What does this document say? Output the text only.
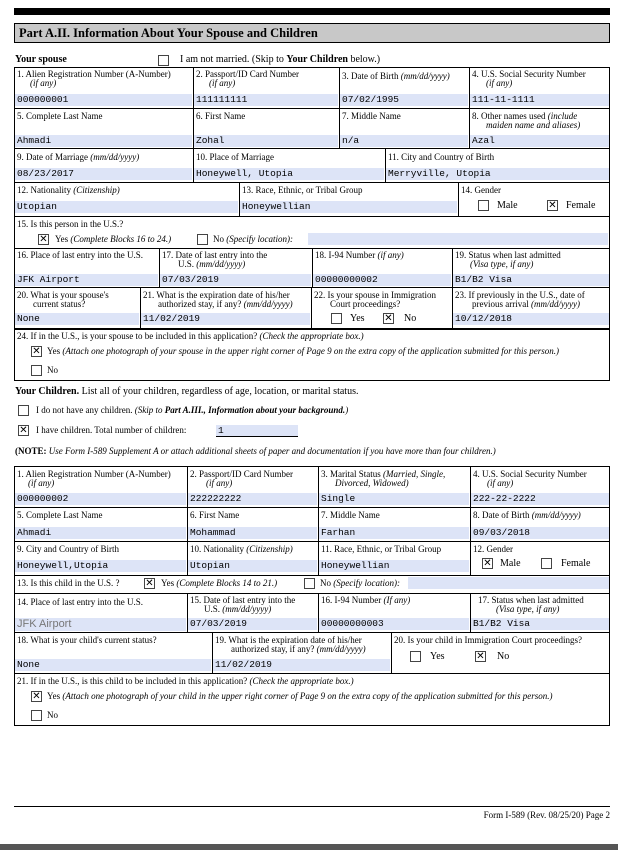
Part A.II. Information About Your Spouse and Children
Your spouse	I am not married. (Skip to Your Children below.)
1. Alien Registration Number (A-Number)
(if any)
000000001
2. Passport/ID Card Number
(if any)
111111111
3. Date of Birth (mm/dd/yyyy)
07/02/1995
4. U.S. Social Security Number
(if any)
111-11-1111
5. Complete Last Name
Ahmadi
6. First Name
Zohal
7. Middle Name
n/a
8. Other names used (include
maiden name and aliases)
Azal
9. Date of Marriage (mm/dd/yyyy)
08/23/2017
10. Place of Marriage
Honeywell, Utopia
11. City and Country of Birth
Merryville, Utopia
12. Nationality (Citizenship)
Utopian
13. Race, Ethnic, or Tribal Group
Honeywellian
14. Gender
Male	✕ Female
15. Is this person in the U.S.?
✕ Yes (Complete Blocks 16 to 24.)	No (Specify location):
16. Place of last entry into the U.S.
JFK Airport
17. Date of last entry into the
U.S. (mm/dd/yyyy)
07/03/2019
18. I-94 Number (if any)
00000000002
19. Status when last admitted
(Visa type, if any)
B1/B2 Visa
20. What is your spouse's
current status?
None
21. What is the expiration date of his/her
authorized stay, if any? (mm/dd/yyyy)
11/02/2019
22. Is your spouse in Immigration
Court proceedings?
Yes ✕ No
23. If previously in the U.S., date of
previous arrival (mm/dd/yyyy)
10/12/2018
24. If in the U.S., is your spouse to be included in this application? (Check the appropriate box.)
✕ Yes (Attach one photograph of your spouse in the upper right corner of Page 9 on the extra copy of the application submitted for this person.)
No
Your Children. List all of your children, regardless of age, location, or marital status.
I do not have any children. (Skip to Part A.III., Information about your background.)
✕ I have children. Total number of children:	1
(NOTE: Use Form I-589 Supplement A or attach additional sheets of paper and documentation if you have more than four children.)
1. Alien Registration Number (A-Number)
(if any)
000000002
2. Passport/ID Card Number
(if any)
222222222
3. Marital Status (Married, Single,
Divorced, Widowed)
Single
4. U.S. Social Security Number
(if any)
222-22-2222
5. Complete Last Name
Ahmadi
6. First Name
Mohammad
7. Middle Name
Farhan
8. Date of Birth (mm/dd/yyyy)
09/03/2018
9. City and Country of Birth
Honeywell,Utopia
10. Nationality (Citizenship)
Utopian
11. Race, Ethnic, or Tribal Group
Honeywellian
12. Gender
✕ Male	Female
13. Is this child in the U.S. ?	✕ Yes (Complete Blocks 14 to 21.)	No (Specify location):
14. Place of last entry into the U.S.
JFK Airport
15. Date of last entry into the
U.S. (mm/dd/yyyy)
07/03/2019
16. I-94 Number (If any)
00000000003
17. Status when last admitted
(Visa type, if any)
B1/B2 Visa
18. What is your child's current status?
None
19. What is the expiration date of his/her
authorized stay, if any? (mm/dd/yyyy)
11/02/2019
20. Is your child in Immigration Court proceedings?
Yes	✕ No
21. If in the U.S., is this child to be included in this application? (Check the appropriate box.)
✕ Yes (Attach one photograph of your child in the upper right corner of Page 9 on the extra copy of the application submitted for this person.)
No
Form I-589 (Rev. 08/25/20) Page 2
